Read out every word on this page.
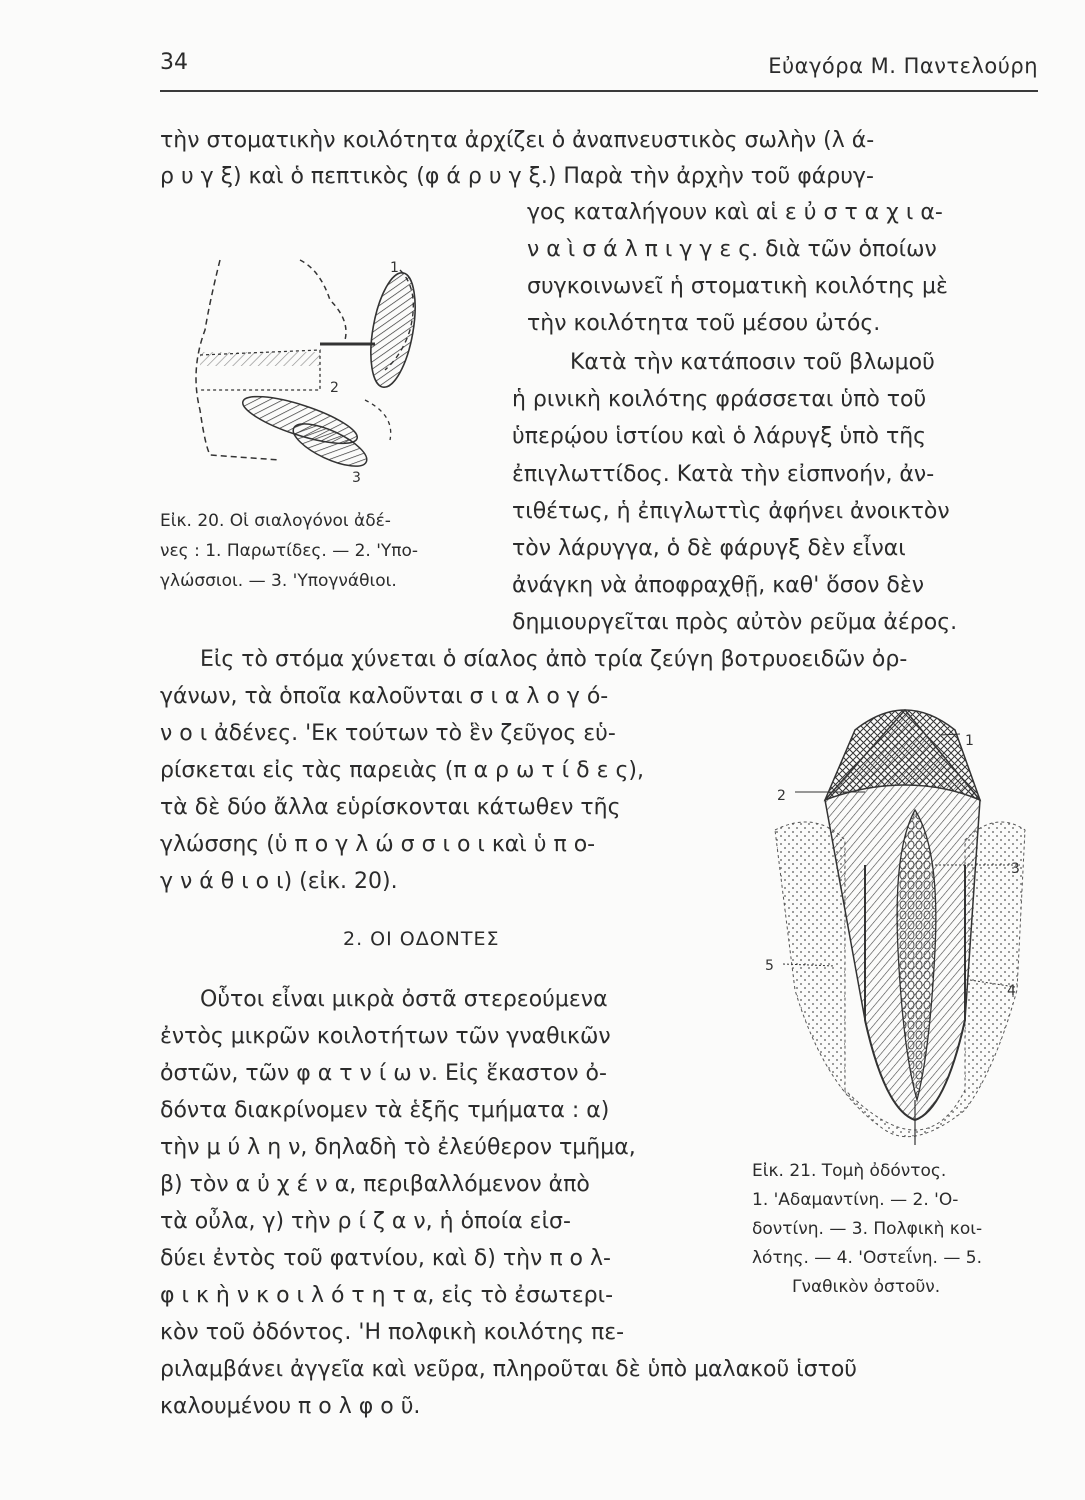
34	Εὐαγόρα Μ. Παντελούρη
τὴν στοματικὴν κοιλότητα ἀρχίζει ὁ ἀναπνευστικὸς σωλὴν (λ ά-
ρ υ γ ξ) καὶ ὁ πεπτικὸς (φ ά ρ υ γ ξ.) Παρὰ τὴν ἀρχὴν τοῦ φάρυγ-
γος καταλήγουν καὶ αἱ ε ὐ σ τ α χ ι α-
ν α ὶ σ ά λ π ι γ γ ε ς. διὰ τῶν ὁποίων
συγκοινωνεῖ ἡ στοματικὴ κοιλότης μὲ
τὴν κοιλότητα τοῦ μέσου ὠτός.
Κατὰ τὴν κατάποσιν τοῦ βλωμοῦ
ἡ ρινικὴ κοιλότης φράσσεται ὑπὸ τοῦ
ὑπερῴου ἱστίου καὶ ὁ λάρυγξ ὑπὸ τῆς
ἐπιγλωττίδος. Κατὰ τὴν εἰσπνοήν, ἀν-
τιθέτως, ἡ ἐπιγλωττὶς ἀφήνει ἀνοικτὸν
τὸν λάρυγγα, ὁ δὲ φάρυγξ δὲν εἶναι
ἀνάγκη νὰ ἀποφραχθῇ, καθ' ὅσον δὲν
δημιουργεῖται πρὸς αὐτὸν ρεῦμα ἀέρος.
1
2
3
Εἰκ. 20. Οἱ σιαλογόνοι ἀδέ-
νες : 1. Παρωτίδες. — 2. 'Υπο-
γλώσσιοι. — 3. 'Υπογνάθιοι.
Εἰς τὸ στόμα χύνεται ὁ σίαλος ἀπὸ τρία ζεύγη βοτρυοειδῶν ὀρ-
γάνων, τὰ ὁποῖα καλοῦνται σ ι α λ ο γ ό-
ν ο ι ἀδένες. 'Εκ τούτων τὸ ἓν ζεῦγος εὑ-
ρίσκεται εἰς τὰς παρειὰς (π α ρ ω τ ί δ ε ς),
τὰ δὲ δύο ἄλλα εὑρίσκονται κάτωθεν τῆς
γλώσσης (ὑ π ο γ λ ώ σ σ ι ο ι καὶ ὑ π ο-
γ ν ά θ ι ο ι) (εἰκ. 20).
2. ΟΙ ΟΔΟΝΤΕΣ
Οὗτοι εἶναι μικρὰ ὀστᾶ στερεούμενα
ἐντὸς μικρῶν κοιλοτήτων τῶν γναθικῶν
ὀστῶν, τῶν φ α τ ν ί ω ν. Εἰς ἕκαστον ὀ-
δόντα διακρίνομεν τὰ ἑξῆς τμήματα : α)
τὴν μ ύ λ η ν, δηλαδὴ τὸ ἐλεύθερον τμῆμα,
β) τὸν α ὐ χ έ ν α, περιβαλλόμενον ἀπὸ
τὰ οὖλα, γ) τὴν ρ ί ζ α ν, ἡ ὁποία εἰσ-
δύει ἐντὸς τοῦ φατνίου, καὶ δ) τὴν π ο λ-
φ ι κ ὴ ν κ ο ι λ ό τ η τ α, εἰς τὸ ἐσωτερι-
κὸν τοῦ ὀδόντος. 'Η πολφικὴ κοιλότης πε-
ριλαμβάνει ἀγγεῖα καὶ νεῦρα, πληροῦται δὲ ὑπὸ μαλακοῦ ἱστοῦ
καλουμένου π ο λ φ ο ῦ.
1
2
3
4
5
Εἰκ. 21. Τομὴ ὀδόντος.
1. 'Αδαμαντίνη. — 2. 'Ο-
δοντίνη. — 3. Πολφικὴ κοι-
λότης. — 4. 'Οστεΐνη. — 5.
Γναθικὸν ὀστοῦν.
